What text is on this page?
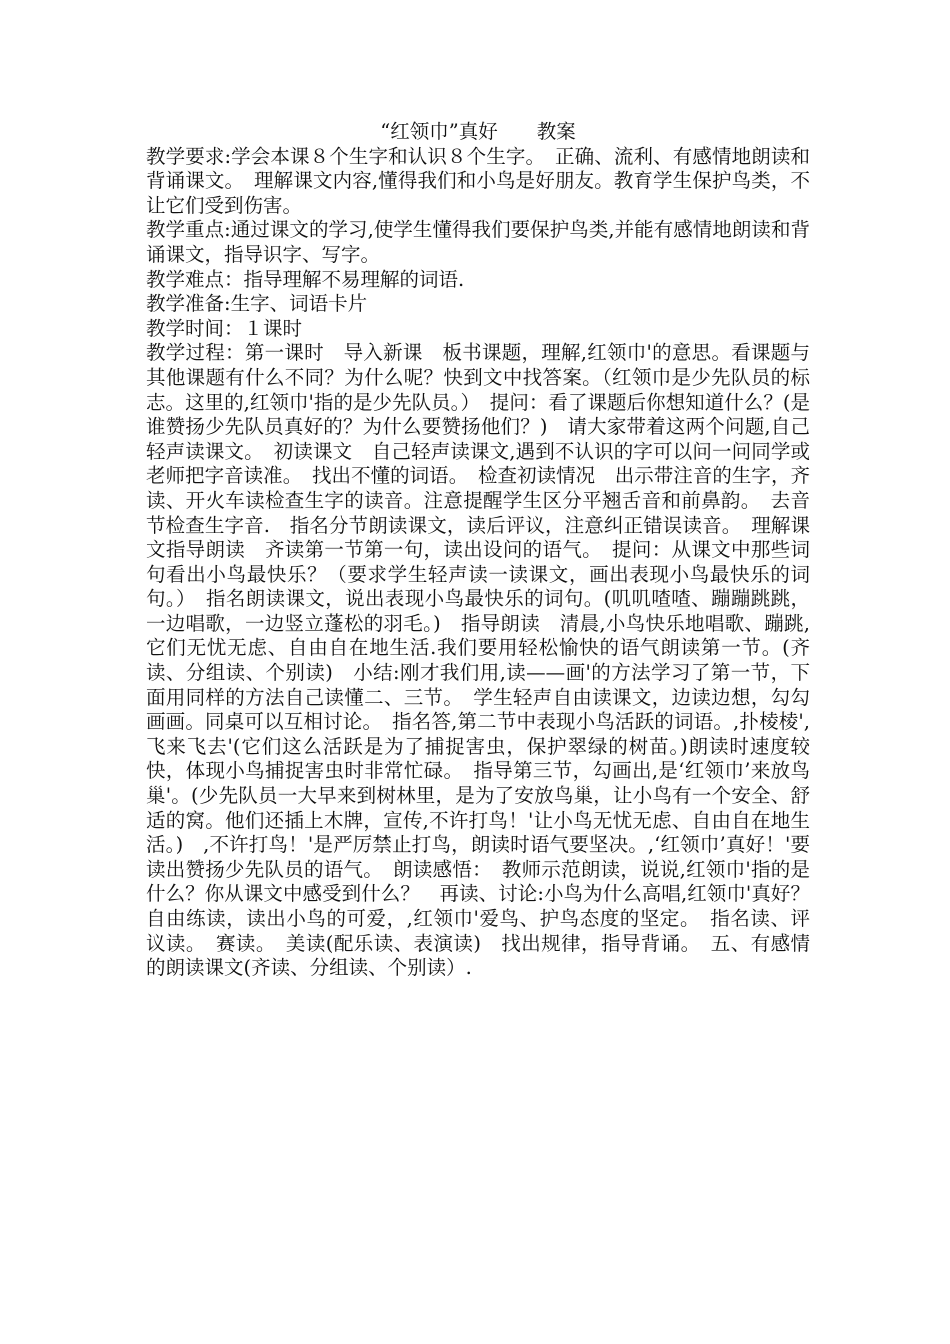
“红领巾”真好　　教案

教学要求:学会本课８个生字和认识８个生字。　正确、流利、有感情地朗读和背诵课文。　理解课文内容,懂得我们和小鸟是好朋友。教育学生保护鸟类，不让它们受到伤害。

教学重点:通过课文的学习,使学生懂得我们要保护鸟类,并能有感情地朗读和背诵课文，指导识字、写字。

教学难点：指导理解不易理解的词语.

教学准备:生字、词语卡片

教学时间：１课时

教学过程：第一课时　导入新课　板书课题，理解,红领巾'的意思。看课题与其他课题有什么不同？为什么呢？快到文中找答案。（红领巾是少先队员的标志。这里的,红领巾'指的是少先队员。）　提问：看了课题后你想知道什么？(是谁赞扬少先队员真好的？为什么要赞扬他们？)　请大家带着这两个问题,自己轻声读课文。　初读课文　自己轻声读课文,遇到不认识的字可以问一问同学或老师把字音读准。　找出不懂的词语。　检查初读情况　出示带注音的生字，齐读、开火车读检查生字的读音。注意提醒学生区分平翘舌音和前鼻韵。　去音节检查生字音.　指名分节朗读课文，读后评议，注意纠正错误读音。　理解课文指导朗读　齐读第一节第一句，读出设问的语气。　提问：从课文中那些词句看出小鸟最快乐？（要求学生轻声读一读课文，画出表现小鸟最快乐的词句。）　指名朗读课文，说出表现小鸟最快乐的词句。(叽叽喳喳、蹦蹦跳跳，一边唱歌，一边竖立蓬松的羽毛。)　指导朗读　清晨,小鸟快乐地唱歌、蹦跳,它们无忧无虑、自由自在地生活.我们要用轻松愉快的语气朗读第一节。(齐读、分组读、个别读)　小结:刚才我们用,读——画'的方法学习了第一节，下面用同样的方法自己读懂二、三节。　学生轻声自由读课文，边读边想，勾勾画画。同桌可以互相讨论。　指名答,第二节中表现小鸟活跃的词语。,扑棱棱',飞来飞去'(它们这么活跃是为了捕捉害虫，保护翠绿的树苗。)朗读时速度较快，体现小鸟捕捉害虫时非常忙碌。　指导第三节，勾画出,是‘红领巾’来放鸟巢'。(少先队员一大早来到树林里，是为了安放鸟巢，让小鸟有一个安全、舒适的窝。他们还插上木牌，宣传,不许打鸟！'让小鸟无忧无虑、自由自在地生活。)　,不许打鸟！'是严厉禁止打鸟，朗读时语气要坚决。,‘红领巾’真好！'要读出赞扬少先队员的语气。　朗读感悟：　教师示范朗读，说说,红领巾'指的是什么？你从课文中感受到什么？　再读、讨论:小鸟为什么高唱,红领巾'真好？　自由练读，读出小鸟的可爱，,红领巾'爱鸟、护鸟态度的坚定。　指名读、评议读。　赛读。　美读(配乐读、表演读)　找出规律，指导背诵。　五、有感情的朗读课文(齐读、分组读、个别读）.
